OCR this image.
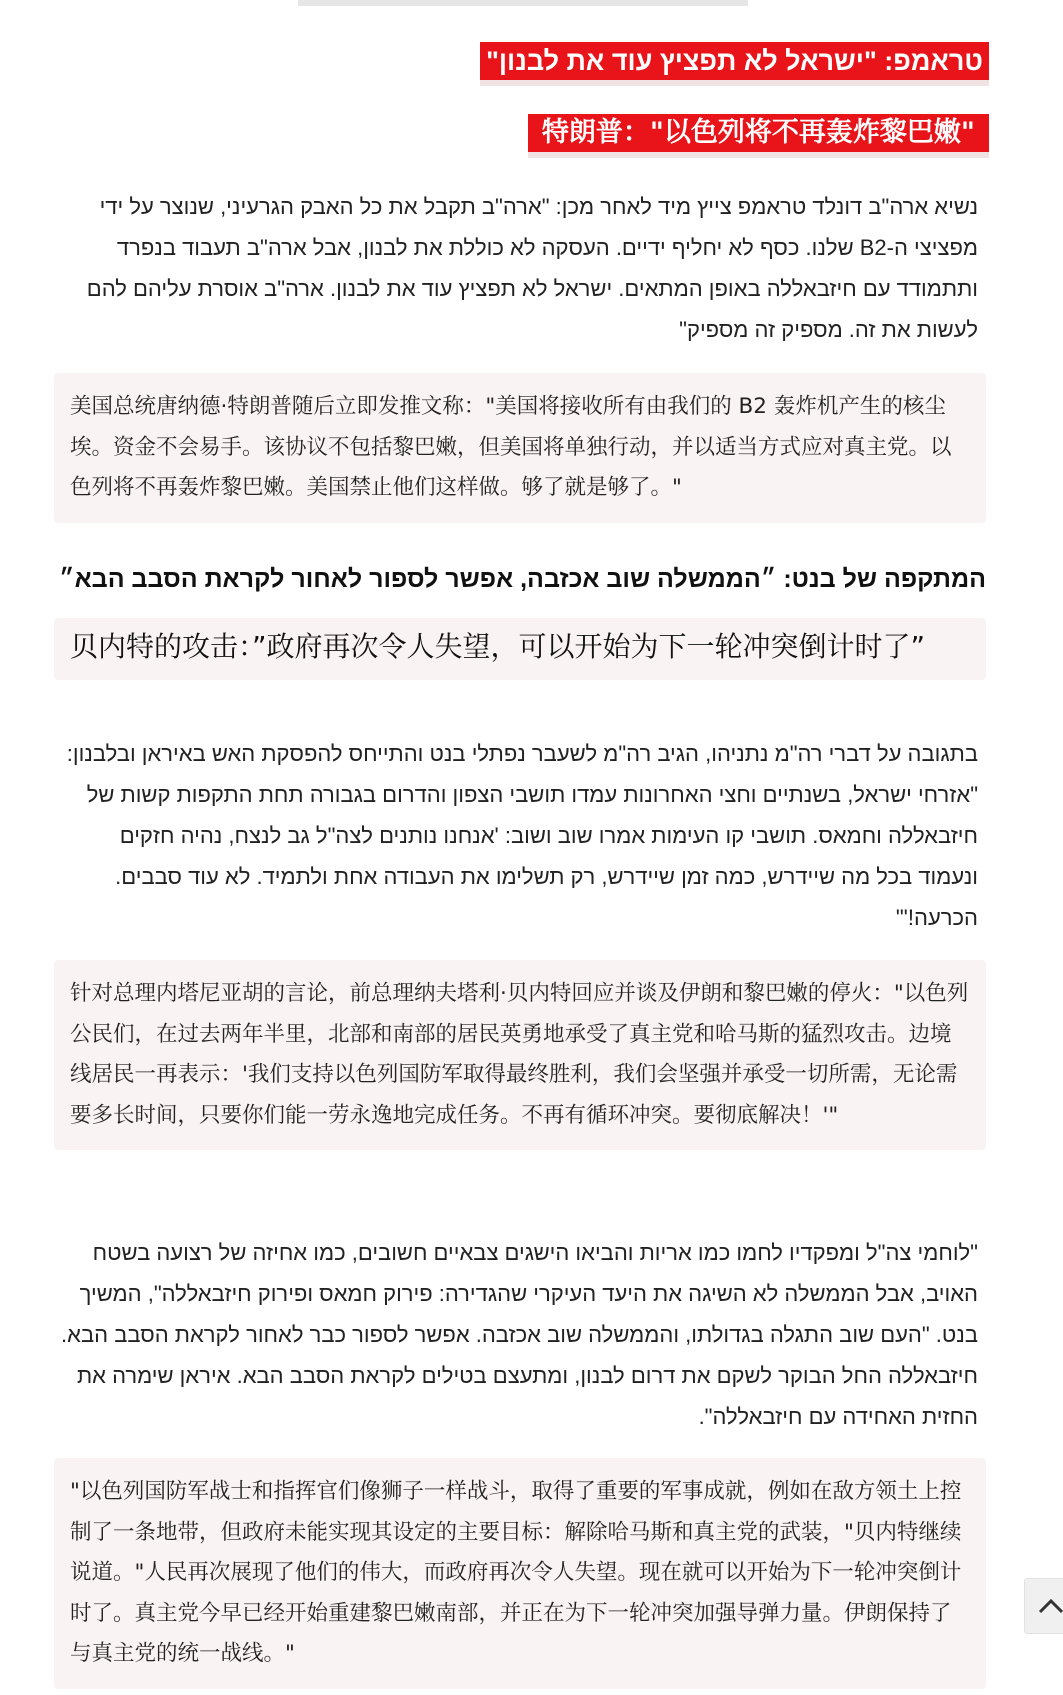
טראמפ: "ישראל לא תפציץ עוד את לבנון"
特朗普："以色列将不再轰炸黎巴嫩"

נשיא ארה"ב דונלד טראמפ צייץ מיד לאחר מכן: "ארה"ב תקבל את כל האבק הגרעיני, שנוצר על ידי מפציצי ה-B2 שלנו. כסף לא יחליף ידיים. העסקה לא כוללת את לבנון, אבל ארה"ב תעבוד בנפרד ותתמודד עם חיזבאללה באופן המתאים. ישראל לא תפציץ עוד את לבנון. ארה"ב אוסרת עליהם להם לעשות את זה. מספיק זה מספיק"

美国总统唐纳德·特朗普随后立即发推文称："美国将接收所有由我们的 B2 轰炸机产生的核尘埃。资金不会易手。该协议不包括黎巴嫩，但美国将单独行动，并以适当方式应对真主党。以色列将不再轰炸黎巴嫩。美国禁止他们这样做。够了就是够了。"

המתקפה של בנט: ״הממשלה שוב אכזבה, אפשר לספור לאחור לקראת הסבב הבא״

贝内特的攻击：”政府再次令人失望，可以开始为下一轮冲突倒计时了”

בתגובה על דברי רה"מ נתניהו, הגיב רה"מ לשעבר נפתלי בנט והתייחס להפסקת האש באיראן ובלבנון: "אזרחי ישראל, בשנתיים וחצי האחרונות עמדו תושבי הצפון והדרום בגבורה תחת התקפות קשות של חיזבאללה וחמאס. תושבי קו העימות אמרו שוב ושוב: 'אנחנו נותנים לצה"ל גב לנצח, נהיה חזקים ונעמוד בכל מה שיידרש, כמה זמן שיידרש, רק תשלימו את העבודה אחת ולתמיד. לא עוד סבבים. הכרעה!'"

针对总理内塔尼亚胡的言论，前总理纳夫塔利·贝内特回应并谈及伊朗和黎巴嫩的停火："以色列公民们，在过去两年半里，北部和南部的居民英勇地承受了真主党和哈马斯的猛烈攻击。边境线居民一再表示：'我们支持以色列国防军取得最终胜利，我们会坚强并承受一切所需，无论需要多长时间，只要你们能一劳永逸地完成任务。不再有循环冲突。要彻底解决！'"

"לוחמי צה"ל ומפקדיו לחמו כמו אריות והביאו הישגים צבאיים חשובים, כמו אחיזה של רצועה בשטח האויב, אבל הממשלה לא השיגה את היעד העיקרי שהגדירה: פירוק חמאס ופירוק חיזבאללה", המשיך בנט. "העם שוב התגלה בגדולתו, והממשלה שוב אכזבה. אפשר לספור כבר לאחור לקראת הסבב הבא. חיזבאללה החל הבוקר לשקם את דרום לבנון, ומתעצם בטילים לקראת הסבב הבא. איראן שימרה את החזית האחידה עם חיזבאללה".

"以色列国防军战士和指挥官们像狮子一样战斗，取得了重要的军事成就，例如在敌方领土上控制了一条地带，但政府未能实现其设定的主要目标：解除哈马斯和真主党的武装，"贝内特继续说道。"人民再次展现了他们的伟大，而政府再次令人失望。现在就可以开始为下一轮冲突倒计时了。真主党今早已经开始重建黎巴嫩南部，并正在为下一轮冲突加强导弹力量。伊朗保持了与真主党的统一战线。"
